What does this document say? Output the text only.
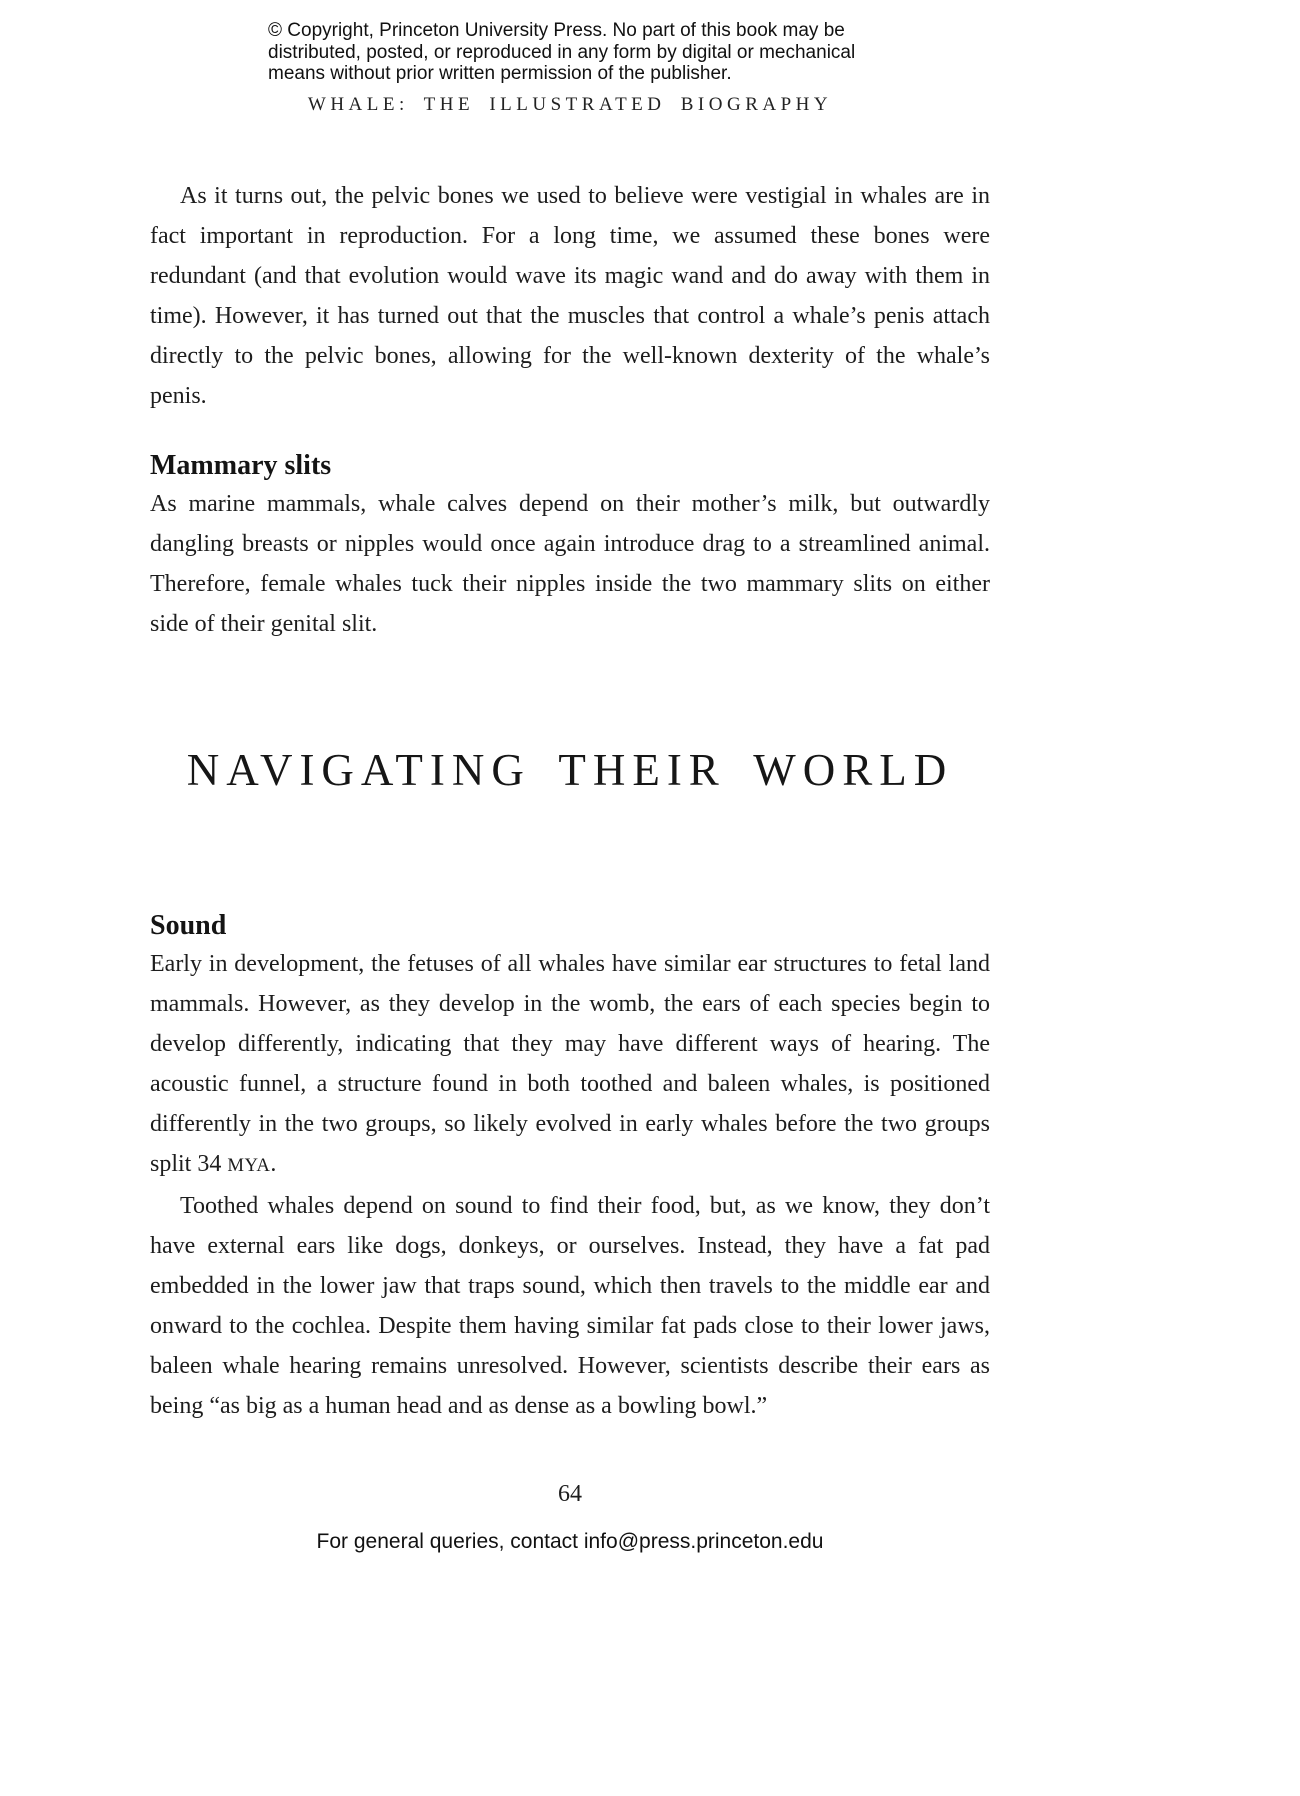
© Copyright, Princeton University Press. No part of this book may be
distributed, posted, or reproduced in any form by digital or mechanical
means without prior written permission of the publisher.
WHALE: THE ILLUSTRATED BIOGRAPHY

As it turns out, the pelvic bones we used to believe were vestigial in whales are in fact important in reproduction. For a long time, we assumed these bones were redundant (and that evolution would wave its magic wand and do away with them in time). However, it has turned out that the muscles that control a whale’s penis attach directly to the pelvic bones, allowing for the well-known dexterity of the whale’s penis.

Mammary slits

As marine mammals, whale calves depend on their mother’s milk, but outwardly dangling breasts or nipples would once again introduce drag to a streamlined animal. Therefore, female whales tuck their nipples inside the two mammary slits on either side of their genital slit.

NAVIGATING THEIR WORLD
Sound

Early in development, the fetuses of all whales have similar ear structures to fetal land mammals. However, as they develop in the womb, the ears of each species begin to develop differently, indicating that they may have different ways of hearing. The acoustic funnel, a structure found in both toothed and baleen whales, is positioned differently in the two groups, so likely evolved in early whales before the two groups split 34 MYA.

Toothed whales depend on sound to find their food, but, as we know, they don’t have external ears like dogs, donkeys, or ourselves. Instead, they have a fat pad embedded in the lower jaw that traps sound, which then travels to the middle ear and onward to the cochlea. Despite them having similar fat pads close to their lower jaws, baleen whale hearing remains unresolved. However, scientists describe their ears as being “as big as a human head and as dense as a bowling bowl.”

64
For general queries, contact info@press.princeton.edu
